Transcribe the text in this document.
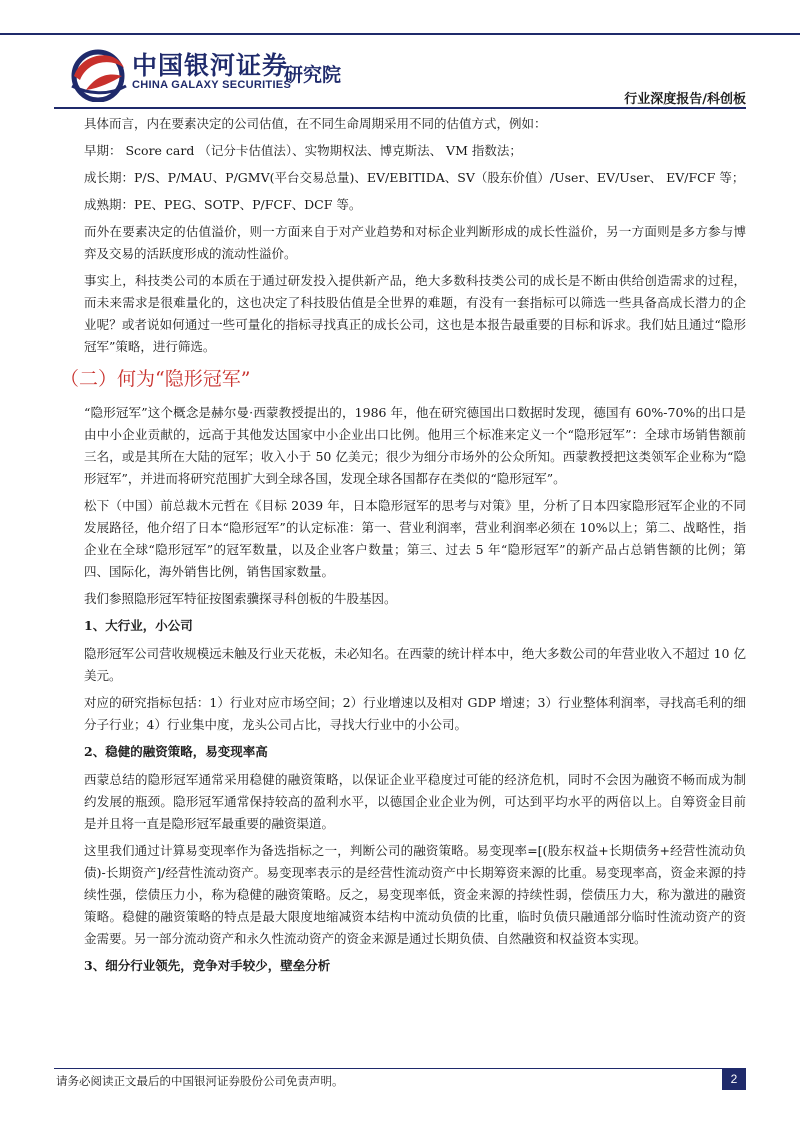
中国银河证券
CHINA GALAXY SECURITIES
研究院
行业深度报告/科创板

具体而言，内在要素决定的公司估值，在不同生命周期采用不同的估值方式，例如：

早期： Score card （记分卡估值法）、实物期权法、博克斯法、 VM 指数法；

成长期：P/S、P/MAU、P/GMV(平台交易总量)、EV/EBITIDA、SV（股东价值）/User、EV/User、 EV/FCF 等；

成熟期：PE、PEG、SOTP、P/FCF、DCF 等。

而外在要素决定的估值溢价，则一方面来自于对产业趋势和对标企业判断形成的成长性溢价，另一方面则是多方参与博弈及交易的活跃度形成的流动性溢价。

事实上，科技类公司的本质在于通过研发投入提供新产品，绝大多数科技类公司的成长是不断由供给创造需求的过程，而未来需求是很难量化的，这也决定了科技股估值是全世界的难题，有没有一套指标可以筛选一些具备高成长潜力的企业呢？或者说如何通过一些可量化的指标寻找真正的成长公司，这也是本报告最重要的目标和诉求。我们姑且通过“隐形冠军”策略，进行筛选。

（二）何为“隐形冠军”

“隐形冠军”这个概念是赫尔曼·西蒙教授提出的，1986 年，他在研究德国出口数据时发现，德国有 60%-70%的出口是由中小企业贡献的，远高于其他发达国家中小企业出口比例。他用三个标准来定义一个“隐形冠军”：全球市场销售额前三名，或是其所在大陆的冠军；收入小于 50 亿美元；很少为细分市场外的公众所知。西蒙教授把这类领军企业称为“隐形冠军”，并进而将研究范围扩大到全球各国，发现全球各国都存在类似的“隐形冠军”。

松下（中国）前总裁木元哲在《目标 2039 年，日本隐形冠军的思考与对策》里，分析了日本四家隐形冠军企业的不同发展路径，他介绍了日本“隐形冠军”的认定标准：第一、营业利润率，营业利润率必须在 10%以上；第二、战略性，指企业在全球“隐形冠军”的冠军数量，以及企业客户数量；第三、过去 5 年“隐形冠军”的新产品占总销售额的比例；第四、国际化，海外销售比例，销售国家数量。

我们参照隐形冠军特征按图索骥探寻科创板的牛股基因。

1、大行业，小公司

隐形冠军公司营收规模远未触及行业天花板，未必知名。在西蒙的统计样本中，绝大多数公司的年营业收入不超过 10 亿美元。

对应的研究指标包括：1）行业对应市场空间；2）行业增速以及相对 GDP 增速；3）行业整体利润率，寻找高毛利的细分子行业；4）行业集中度，龙头公司占比，寻找大行业中的小公司。

2、稳健的融资策略，易变现率高

西蒙总结的隐形冠军通常采用稳健的融资策略，以保证企业平稳度过可能的经济危机，同时不会因为融资不畅而成为制约发展的瓶颈。隐形冠军通常保持较高的盈利水平，以德国企业企业为例，可达到平均水平的两倍以上。自筹资金目前是并且将一直是隐形冠军最重要的融资渠道。

这里我们通过计算易变现率作为备选指标之一，判断公司的融资策略。易变现率=[(股东权益+长期债务+经营性流动负债)-长期资产]/经营性流动资产。易变现率表示的是经营性流动资产中长期筹资来源的比重。易变现率高，资金来源的持续性强，偿债压力小，称为稳健的融资策略。反之，易变现率低，资金来源的持续性弱，偿债压力大，称为激进的融资策略。稳健的融资策略的特点是最大限度地缩减资本结构中流动负债的比重，临时负债只融通部分临时性流动资产的资金需要。另一部分流动资产和永久性流动资产的资金来源是通过长期负债、自然融资和权益资本实现。

3、细分行业领先，竞争对手较少，壁垒分析
请务必阅读正文最后的中国银河证券股份公司免责声明。	2
